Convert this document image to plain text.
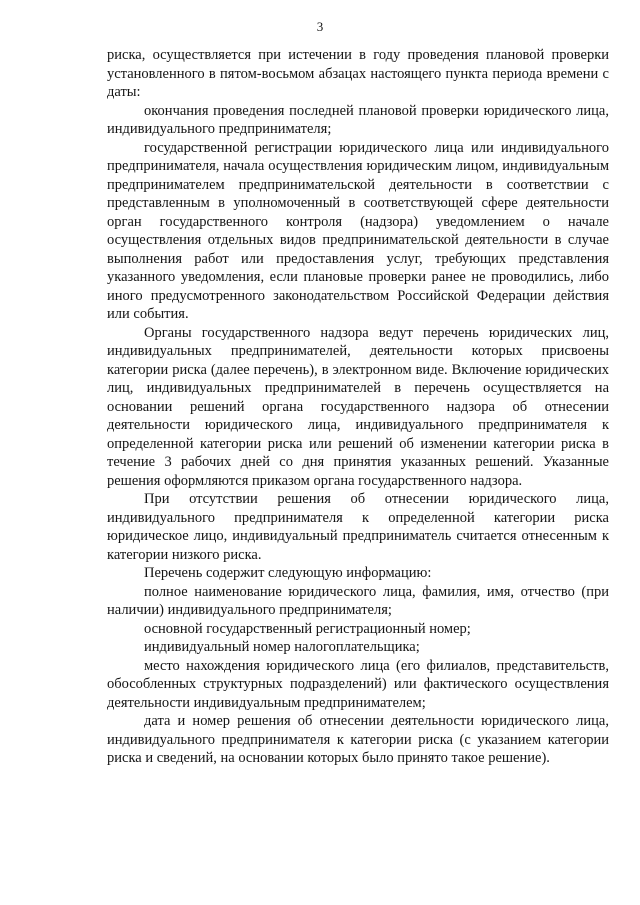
3

риска, осуществляется при истечении в году проведения плановой проверки установленного в пятом-восьмом абзацах настоящего пункта периода времени с даты:

окончания проведения последней плановой проверки юридического лица, индивидуального предпринимателя;

государственной регистрации юридического лица или индивидуального предпринимателя, начала осуществления юридическим лицом, индивидуальным предпринимателем предпринимательской деятельности в соответствии с представленным в уполномоченный в соответствующей сфере деятельности орган государственного контроля (надзора) уведомлением о начале осуществления отдельных видов предпринимательской деятельности в случае выполнения работ или предоставления услуг, требующих представления указанного уведомления, если плановые проверки ранее не проводились, либо иного предусмотренного законодательством Российской Федерации действия или события.

Органы государственного надзора ведут перечень юридических лиц, индивидуальных предпринимателей, деятельности которых присвоены категории риска (далее перечень), в электронном виде. Включение юридических лиц, индивидуальных предпринимателей в перечень осуществляется на основании решений органа государственного надзора об отнесении деятельности юридического лица, индивидуального предпринимателя к определенной категории риска или решений об изменении категории риска в течение 3 рабочих дней со дня принятия указанных решений. Указанные решения оформляются приказом органа государственного надзора.

При отсутствии решения об отнесении юридического лица, индивидуального предпринимателя к определенной категории риска юридическое лицо, индивидуальный предприниматель считается отнесенным к категории низкого риска.

Перечень содержит следующую информацию:

полное наименование юридического лица, фамилия, имя, отчество (при наличии) индивидуального предпринимателя;

основной государственный регистрационный номер;

индивидуальный номер налогоплательщика;

место нахождения юридического лица (его филиалов, представительств, обособленных структурных подразделений) или фактического осуществления деятельности индивидуальным предпринимателем;

дата и номер решения об отнесении деятельности юридического лица, индивидуального предпринимателя к категории риска (с указанием категории риска и сведений, на основании которых было принято такое решение).
